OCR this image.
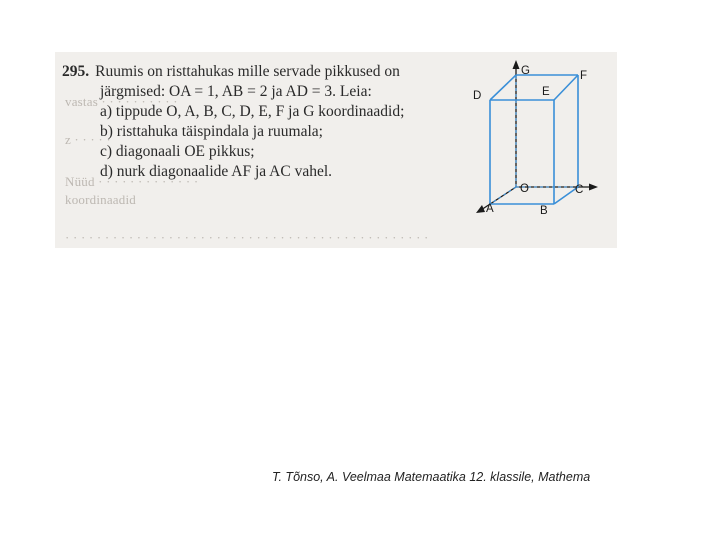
vastas · · · · · · · · · ·
z · · · · ·
Nüüd · · · · · · · · · · · · ·
koordinaadid
· · · · · · · · · · · · · · · · · · · · · · · · · · · · · · · · · · · · · · · · · · · · · ·
295. Ruumis on risttahukas mille servade pikkused on
järgmised: OA = 1, AB = 2 ja AD = 3. Leia:
a) tippude O, A, B, C, D, E, F ja G koordinaadid;
b) risttahuka täispindala ja ruumala;
c) diagonaali OE pikkus;
d) nurk diagonaalide AF ja AC vahel.
G	F
D	E
O	C
A	B
T. Tõnso, A. Veelmaa Matemaatika 12. klassile, Mathema
